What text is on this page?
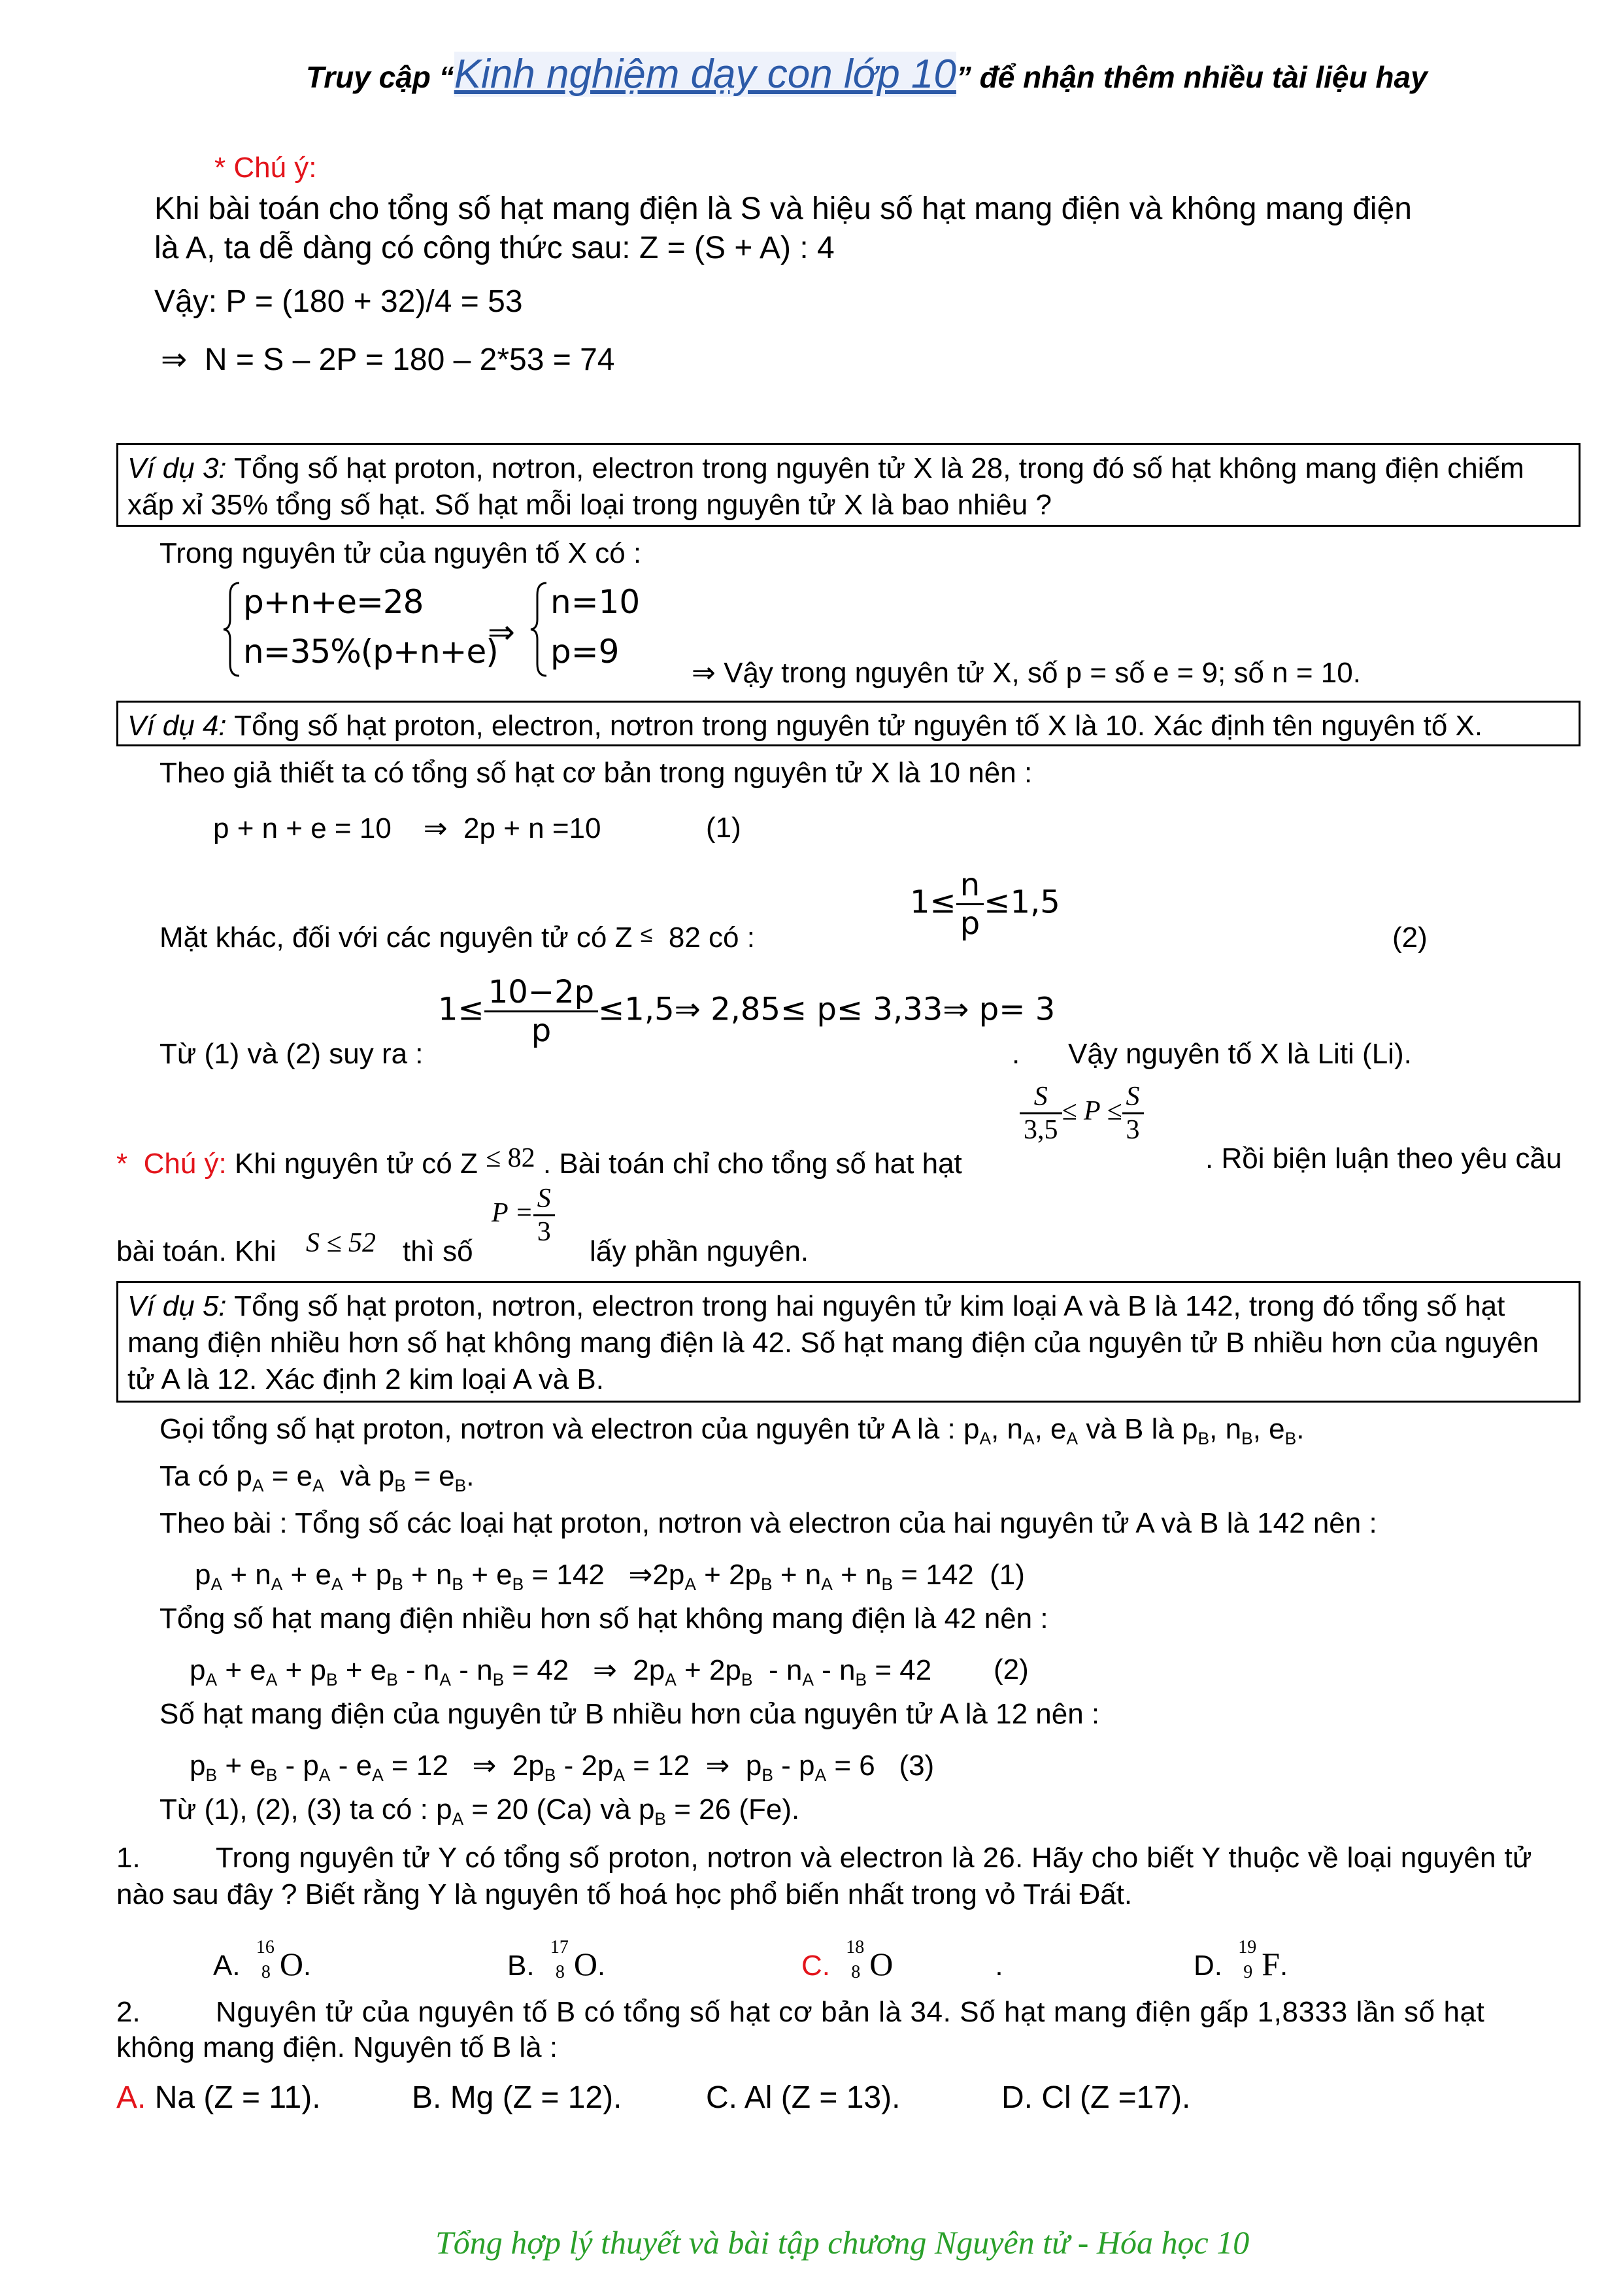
Truy cập “Kinh nghiệm dạy con lớp 10” để nhận thêm nhiều tài liệu hay
* Chú ý:
Khi bài toán cho tổng số hạt mang điện là S và hiệu số hạt mang điện và không mang điện
là A, ta dễ dàng có công thức sau: Z = (S + A) : 4
Vậy: P = (180 + 32)/4 = 53
⇒ N = S – 2P = 180 – 2*53 = 74
Ví dụ 3: Tổng số hạt proton, nơtron, electron trong nguyên tử X là 28, trong đó số hạt không mang điện chiếm
xấp xỉ 35% tổng số hạt. Số hạt mỗi loại trong nguyên tử X là bao nhiêu ?
Trong nguyên tử của nguyên tố X có :
p+n+e=28
n=35%(p+n+e)
⇒
n=10
p=9
⇒ Vậy trong nguyên tử X, số p = số e = 9; số n = 10.
Ví dụ 4: Tổng số hạt proton, electron, nơtron trong nguyên tử nguyên tố X là 10. Xác định tên nguyên tố X.
Theo giả thiết ta có tổng số hạt cơ bản trong nguyên tử X là 10 nên :
p + n + e = 10 ⇒ 2p + n =10	(1)
$1\le \frac{n}{p} \le 1,5$
Mặt khác, đối với các nguyên tử có Z ≤ 82 có :	(2)
$1\le \frac{10-2p}{p}$ ≤1,5⇒ 2,85≤ p≤ 3,33⇒ p= 3
Từ (1) và (2) suy ra :	. Vậy nguyên tố X là Liti (Li).
* Chú ý: Khi nguyên tử có Z ≤ 82 . Bài toán chỉ cho tổng số hat hạt
$\frac{S}{3,5} \le P \le \frac{S}{3}$
. Rồi biện luận theo yêu cầu
bài toán. Khi S ≤ 52 thì số
$P = \frac{S}{3}$
lấy phần nguyên.
Ví dụ 5: Tổng số hạt proton, nơtron, electron trong hai nguyên tử kim loại A và B là 142, trong đó tổng số hạt
mang điện nhiều hơn số hạt không mang điện là 42. Số hạt mang điện của nguyên tử B nhiều hơn của nguyên
tử A là 12. Xác định 2 kim loại A và B.
Gọi tổng số hạt proton, nơtron và electron của nguyên tử A là : $p_A$, $n_A$, $e_A$ và B là $p_B$, $n_B$, $e_B$.
Ta có $p_A = e_A$  và $p_B = e_B$.
Theo bài : Tổng số các loại hạt proton, nơtron và electron của hai nguyên tử A và B là 142 nên :
$p_A + n_A + e_A + p_B + n_B + e_B = 142$   $\Rightarrow 2p_A + 2p_B + n_A + n_B = 142$  (1)
Tổng số hạt mang điện nhiều hơn số hạt không mang điện là 42 nên :
$p_A + e_A + p_B + e_B - n_A - n_B = 42$   ⇒  $2p_A + 2p_B - n_A - n_B = 42$ (2)
Số hạt mang điện của nguyên tử B nhiều hơn của nguyên tử A là 12 nên :
$p_B + e_B - p_A - e_A = 12$   ⇒  $2p_B - 2p_A = 12$  ⇒  $p_B - p_A = 6$   (3)
Từ (1), (2), (3) ta có : $p_A = 20$ (Ca) và $p_B = 26$ (Fe).
1.	Trong nguyên tử Y có tổng số proton, nơtron và electron là 26. Hãy cho biết Y thuộc về loại nguyên tử
nào sau đây ? Biết rằng Y là nguyên tố hoá học phổ biến nhất trong vỏ Trái Đất.
A.
16
8 O.	B.
17
8 O.	C.
18
8 O	.	D.
19
9 F.
2.	Nguyên tử của nguyên tố B có tổng số hạt cơ bản là 34. Số hạt mang điện gấp 1,8333 lần số hạt
không mang điện. Nguyên tố B là :
A. Na (Z = 11).	B. Mg (Z = 12).	C. Al (Z = 13).	D. Cl (Z =17).
Tổng hợp lý thuyết và bài tập chương Nguyên tử - Hóa học 10
